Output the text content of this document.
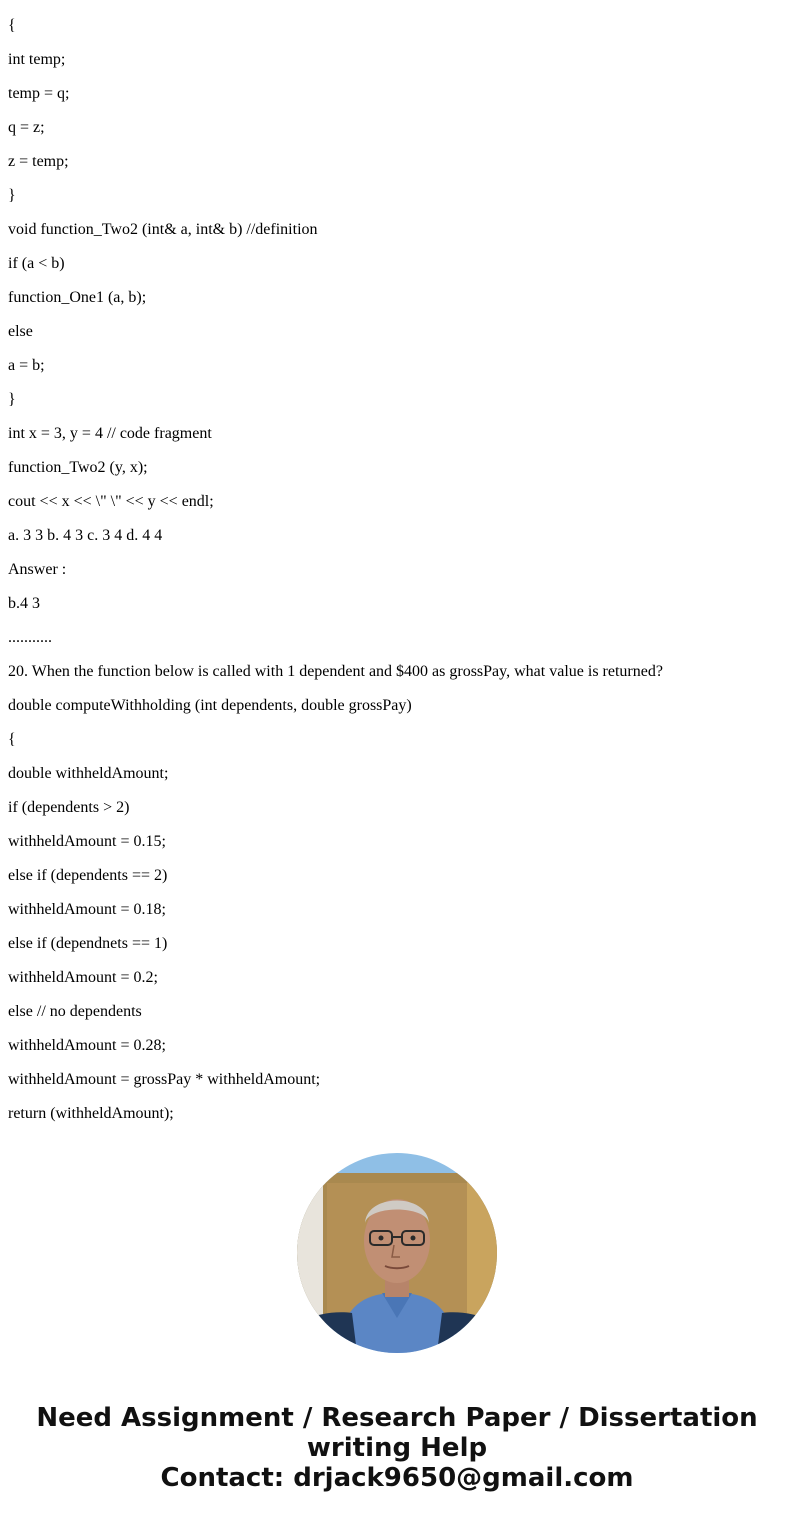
{
int temp;
temp = q;
q = z;
z = temp;
}
void function_Two2 (int& a, int& b) //definition
if (a < b)
function_One1 (a, b);
else
a = b;
}
int x = 3, y = 4 // code fragment
function_Two2 (y, x);
cout << x << \" \" << y << endl;
a. 3 3 b. 4 3 c. 3 4 d. 4 4
Answer :
b.4 3
...........
20. When the function below is called with 1 dependent and $400 as grossPay, what value is returned?
double computeWithholding (int dependents, double grossPay)
{
double withheldAmount;
if (dependents > 2)
withheldAmount = 0.15;
else if (dependents == 2)
withheldAmount = 0.18;
else if (dependnets == 1)
withheldAmount = 0.2;
else // no dependents
withheldAmount = 0.28;
withheldAmount = grossPay * withheldAmount;
return (withheldAmount);
Need Assignment / Research Paper / Dissertation
writing Help
Contact: drjack9650@gmail.com
